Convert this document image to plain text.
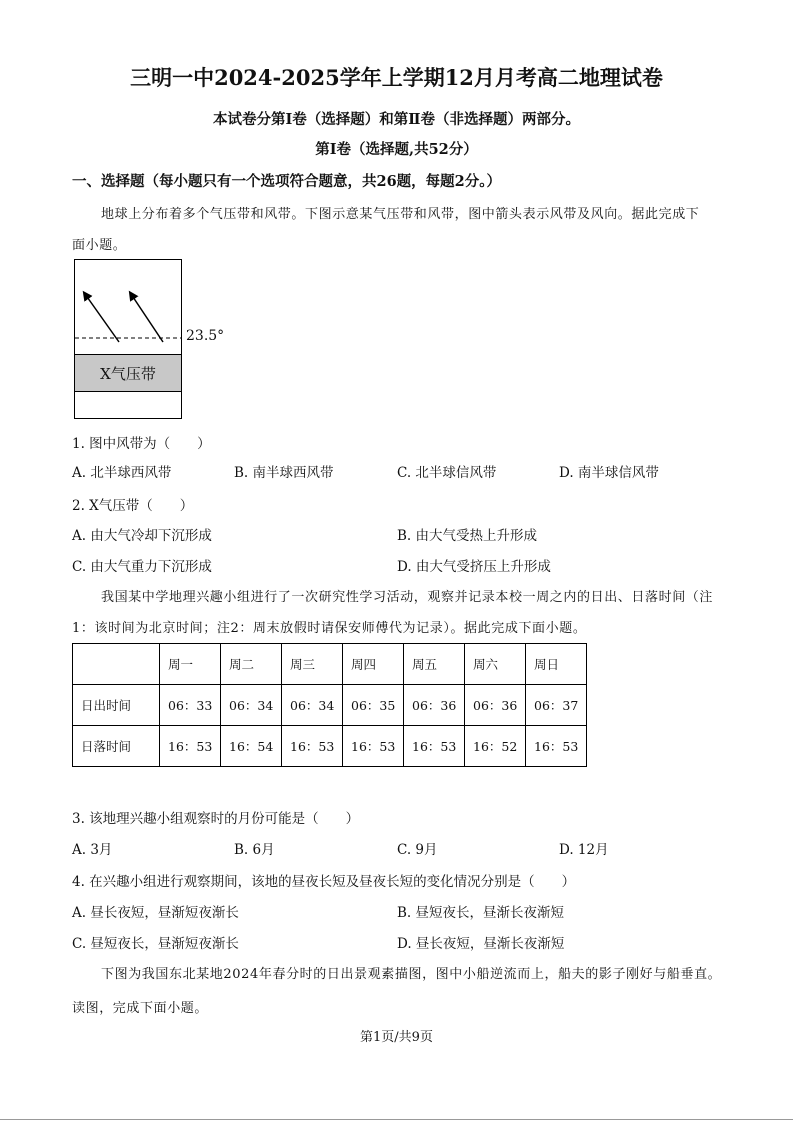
三明一中2024-2025学年上学期12月月考高二地理试卷
本试卷分第Ⅰ卷（选择题）和第Ⅱ卷（非选择题）两部分。
第Ⅰ卷（选择题,共52分）
一、选择题（每小题只有一个选项符合题意，共26题，每题2分。）
地球上分布着多个气压带和风带。下图示意某气压带和风带，图中箭头表示风带及风向。据此完成下
面小题。
X气压带
23.5°
1. 图中风带为（　　）
A. 北半球西风带	B. 南半球西风带	C. 北半球信风带	D. 南半球信风带
2. X气压带（　　）
A. 由大气冷却下沉形成	B. 由大气受热上升形成
C. 由大气重力下沉形成	D. 由大气受挤压上升形成
我国某中学地理兴趣小组进行了一次研究性学习活动，观察并记录本校一周之内的日出、日落时间（注
1：该时间为北京时间；注2：周末放假时请保安师傅代为记录）。据此完成下面小题。
	周一	周二	周三	周四	周五	周六	周日
日出时间	06：33	06：34	06：34	06：35	06：36	06：36	06：37
日落时间	16：53	16：54	16：53	16：53	16：53	16：52	16：53
3. 该地理兴趣小组观察时的月份可能是（　　）
A. 3月	B. 6月	C. 9月	D. 12月
4. 在兴趣小组进行观察期间，该地的昼夜长短及昼夜长短的变化情况分别是（　　）
A. 昼长夜短，昼渐短夜渐长	B. 昼短夜长，昼渐长夜渐短
C. 昼短夜长，昼渐短夜渐长	D. 昼长夜短，昼渐长夜渐短
下图为我国东北某地2024年春分时的日出景观素描图，图中小船逆流而上，船夫的影子刚好与船垂直。
读图，完成下面小题。
第1页/共9页
